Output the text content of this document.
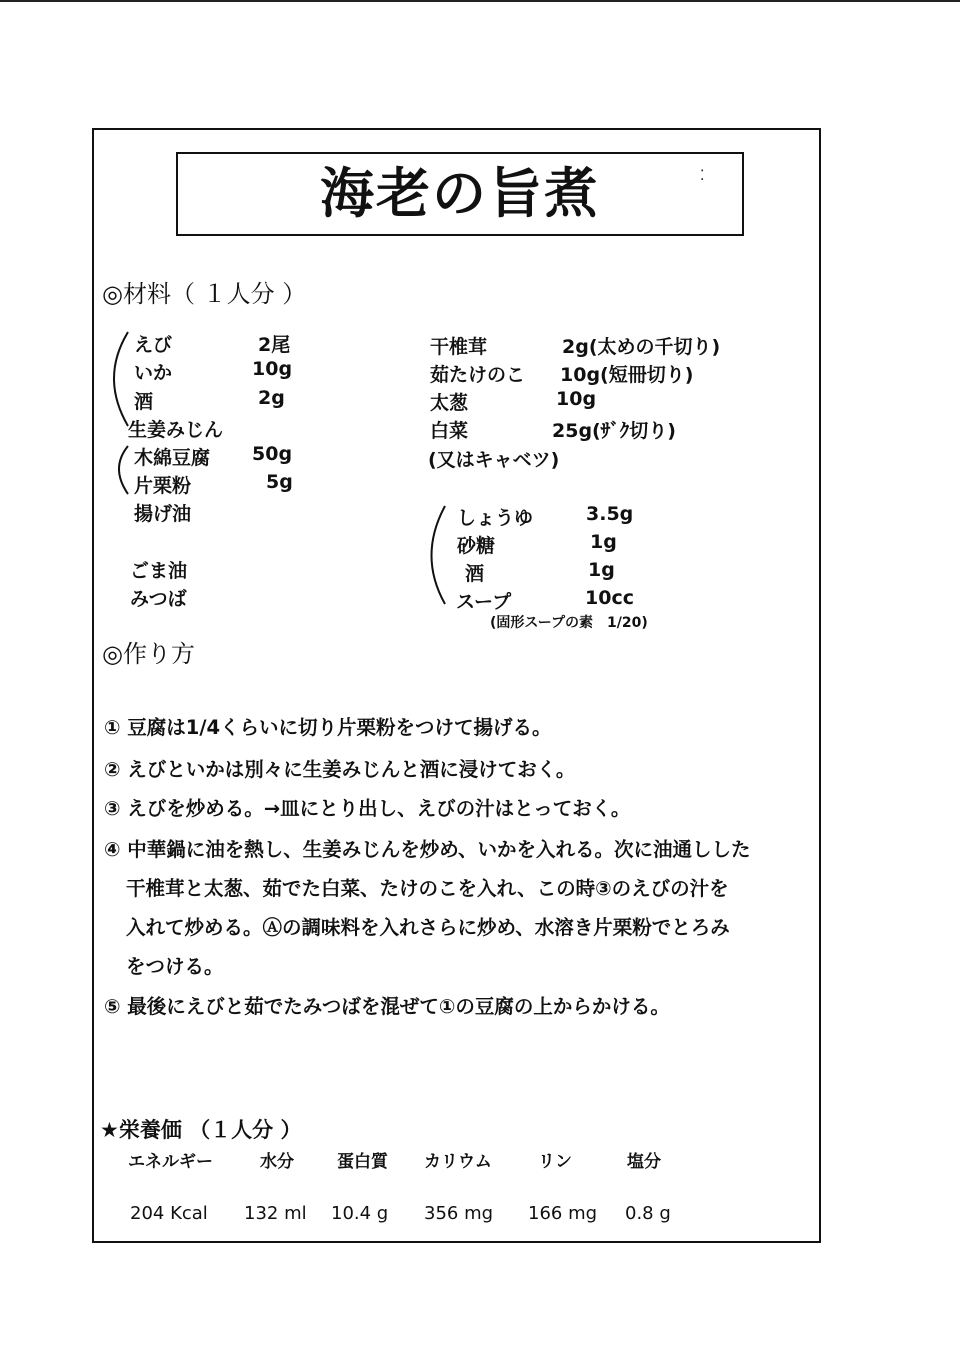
海老の旨煮	⁚
◎材料（ １人分 ）
えび	2尾
いか	10g
酒	2g
生姜みじん
木綿豆腐 50g
片栗粉	5g
揚げ油
ごま油
みつば
干椎茸	2g(太めの千切り)
茹たけのこ 10g(短冊切り)
太葱	10g
白菜	25g(ｻﾞｸ切り)
(又はキャベツ)
しょうゆ	3.5g
砂糖	1g
酒	1g
スープ	10cc
(固形スープの素　1/20)
◎作り方
① 豆腐は1/4くらいに切り片栗粉をつけて揚げる。
② えびといかは別々に生姜みじんと酒に浸けておく。
③ えびを炒める。→皿にとり出し、えびの汁はとっておく。
④ 中華鍋に油を熱し、生姜みじんを炒め、いかを入れる。次に油通しした
干椎茸と太葱、茹でた白菜、たけのこを入れ、この時③のえびの汁を
入れて炒める。Ⓐの調味料を入れさらに炒め、水溶き片栗粉でとろみ
をつける。
⑤ 最後にえびと茹でたみつばを混ぜて①の豆腐の上からかける。
★栄養価 （１人分 ）
エネルギー	水分	蛋白質 カリウム	リン	塩分
204 Kcal 132 ml 10.4 g 356 mg 166 mg 0.8 g
